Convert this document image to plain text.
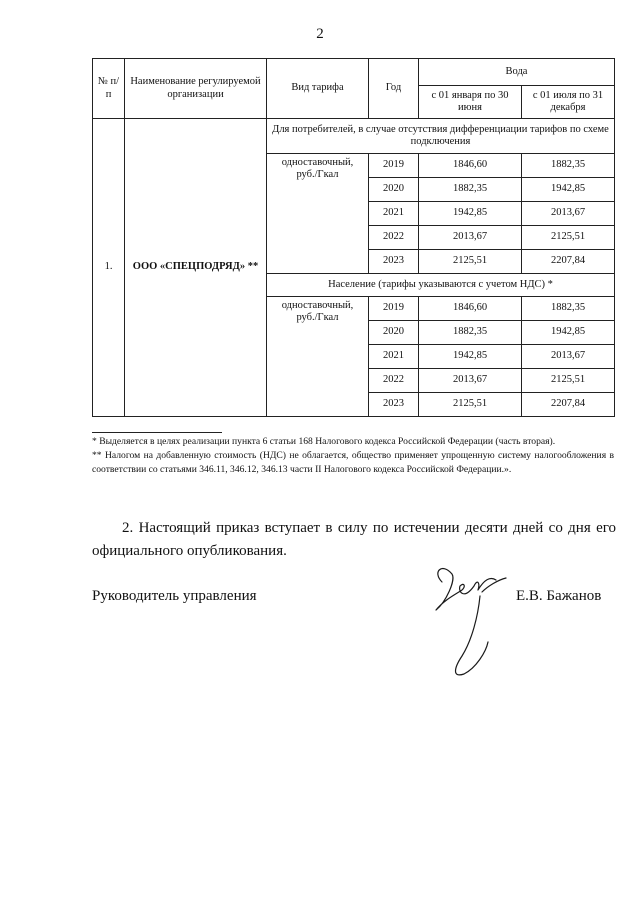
2
№ п/п	Наименование регулируемой организации	Вид тарифа	Год	Вода	
				с 01 января по 30 июня	с 01 июля по 31 декабря
1.	ООО «СПЕЦПОДРЯД» **	Для потребителей, в случае отсутствия дифференциации тарифов по схеме подключения			
		одноставочный, руб./Гкал	2019	1846,60	1882,35
			2020	1882,35	1942,85
			2021	1942,85	2013,67
			2022	2013,67	2125,51
			2023	2125,51	2207,84
		Население (тарифы указываются с учетом НДС) *			
		одноставочный, руб./Гкал	2019	1846,60	1882,35
			2020	1882,35	1942,85
			2021	1942,85	2013,67
			2022	2013,67	2125,51
			2023	2125,51	2207,84

* Выделяется в целях реализации пункта 6 статьи 168 Налогового кодекса Российской Федерации (часть вторая).

** Налогом на добавленную стоимость (НДС) не облагается, общество применяет упрощенную систему налогообложения в соответствии со статьями 346.11, 346.12, 346.13 части II Налогового кодекса Российской Федерации.».

2. Настоящий приказ вступает в силу по истечении десяти дней со дня его официального опубликования.
Руководитель управления	Е.В. Бажанов
